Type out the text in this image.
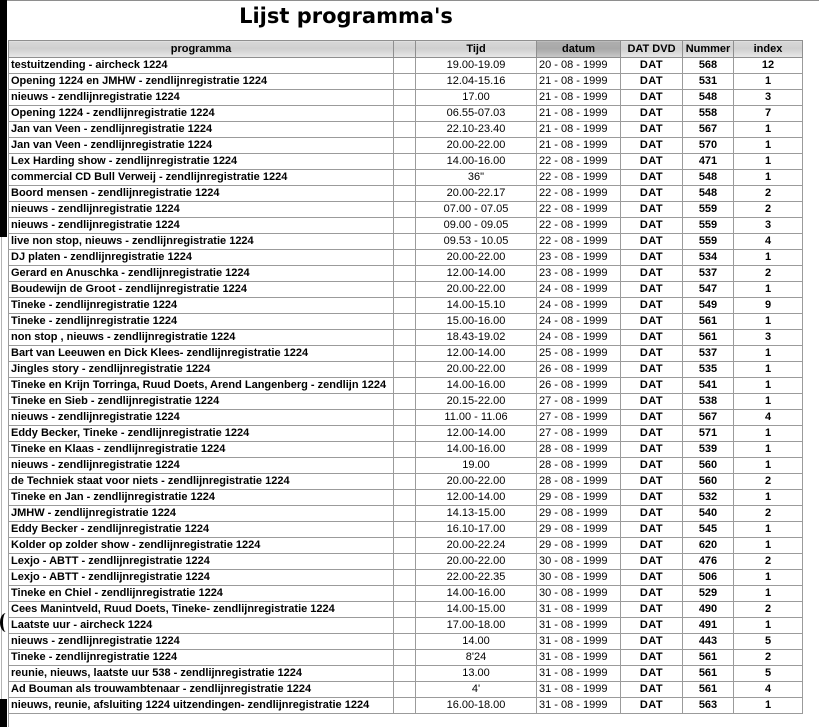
Lijst programma's
programma		Tijd	datum	DAT DVD	Nummer	index
testuitzending - aircheck 1224		19.00-19.09	20 - 08 - 1999	DAT	568	12
Opening 1224 en JMHW - zendlijnregistratie 1224		12.04-15.16	21 - 08 - 1999	DAT	531	1
nieuws - zendlijnregistratie 1224		17.00	21 - 08 - 1999	DAT	548	3
Opening 1224 - zendlijnregistratie 1224		06.55-07.03	21 - 08 - 1999	DAT	558	7
Jan van Veen - zendlijnregistratie 1224		22.10-23.40	21 - 08 - 1999	DAT	567	1
Jan van Veen - zendlijnregistratie 1224		20.00-22.00	21 - 08 - 1999	DAT	570	1
Lex Harding show - zendlijnregistratie 1224		14.00-16.00	22 - 08 - 1999	DAT	471	1
commercial CD Bull Verweij - zendlijnregistratie 1224		36"	22 - 08 - 1999	DAT	548	1
Boord mensen - zendlijnregistratie 1224		20.00-22.17	22 - 08 - 1999	DAT	548	2
nieuws - zendlijnregistratie 1224		07.00 - 07.05	22 - 08 - 1999	DAT	559	2
nieuws - zendlijnregistratie 1224		09.00 - 09.05	22 - 08 - 1999	DAT	559	3
live non stop, nieuws - zendlijnregistratie 1224		09.53 - 10.05	22 - 08 - 1999	DAT	559	4
DJ platen - zendlijnregistratie 1224		20.00-22.00	23 - 08 - 1999	DAT	534	1
Gerard en Anuschka - zendlijnregistratie 1224		12.00-14.00	23 - 08 - 1999	DAT	537	2
Boudewijn de Groot - zendlijnregistratie 1224		20.00-22.00	24 - 08 - 1999	DAT	547	1
Tineke - zendlijnregistratie 1224		14.00-15.10	24 - 08 - 1999	DAT	549	9
Tineke - zendlijnregistratie 1224		15.00-16.00	24 - 08 - 1999	DAT	561	1
non stop , nieuws - zendlijnregistratie 1224		18.43-19.02	24 - 08 - 1999	DAT	561	3
Bart van Leeuwen en Dick Klees- zendlijnregistratie 1224		12.00-14.00	25 - 08 - 1999	DAT	537	1
Jingles story - zendlijnregistratie 1224		20.00-22.00	26 - 08 - 1999	DAT	535	1
Tineke en Krijn Torringa, Ruud Doets, Arend Langenberg - zendlijn 1224		14.00-16.00	26 - 08 - 1999	DAT	541	1
Tineke en Sieb - zendlijnregistratie 1224		20.15-22.00	27 - 08 - 1999	DAT	538	1
nieuws - zendlijnregistratie 1224		11.00 - 11.06	27 - 08 - 1999	DAT	567	4
Eddy Becker, Tineke - zendlijnregistratie 1224		12.00-14.00	27 - 08 - 1999	DAT	571	1
Tineke en Klaas - zendlijnregistratie 1224		14.00-16.00	28 - 08 - 1999	DAT	539	1
nieuws - zendlijnregistratie 1224		19.00	28 - 08 - 1999	DAT	560	1
de Techniek staat voor niets - zendlijnregistratie 1224		20.00-22.00	28 - 08 - 1999	DAT	560	2
Tineke en Jan - zendlijnregistratie 1224		12.00-14.00	29 - 08 - 1999	DAT	532	1
JMHW - zendlijnregistratie 1224		14.13-15.00	29 - 08 - 1999	DAT	540	2
Eddy Becker - zendlijnregistratie 1224		16.10-17.00	29 - 08 - 1999	DAT	545	1
Kolder op zolder show - zendlijnregistratie 1224		20.00-22.24	29 - 08 - 1999	DAT	620	1
Lexjo - ABTT - zendlijnregistratie 1224		20.00-22.00	30 - 08 - 1999	DAT	476	2
Lexjo - ABTT - zendlijnregistratie 1224		22.00-22.35	30 - 08 - 1999	DAT	506	1
Tineke en Chiel - zendlijnregistratie 1224		14.00-16.00	30 - 08 - 1999	DAT	529	1
Cees Manintveld, Ruud Doets, Tineke- zendlijnregistratie 1224		14.00-15.00	31 - 08 - 1999	DAT	490	2
Laatste uur - aircheck 1224		17.00-18.00	31 - 08 - 1999	DAT	491	1
nieuws - zendlijnregistratie 1224		14.00	31 - 08 - 1999	DAT	443	5
Tineke - zendlijnregistratie 1224		8'24	31 - 08 - 1999	DAT	561	2
reunie, nieuws, laatste uur 538 - zendlijnregistratie 1224		13.00	31 - 08 - 1999	DAT	561	5
Ad Bouman als trouwambtenaar - zendlijnregistratie 1224		4'	31 - 08 - 1999	DAT	561	4
nieuws, reunie, afsluiting 1224 uitzendingen- zendlijnregistratie 1224		16.00-18.00	31 - 08 - 1999	DAT	563	1
